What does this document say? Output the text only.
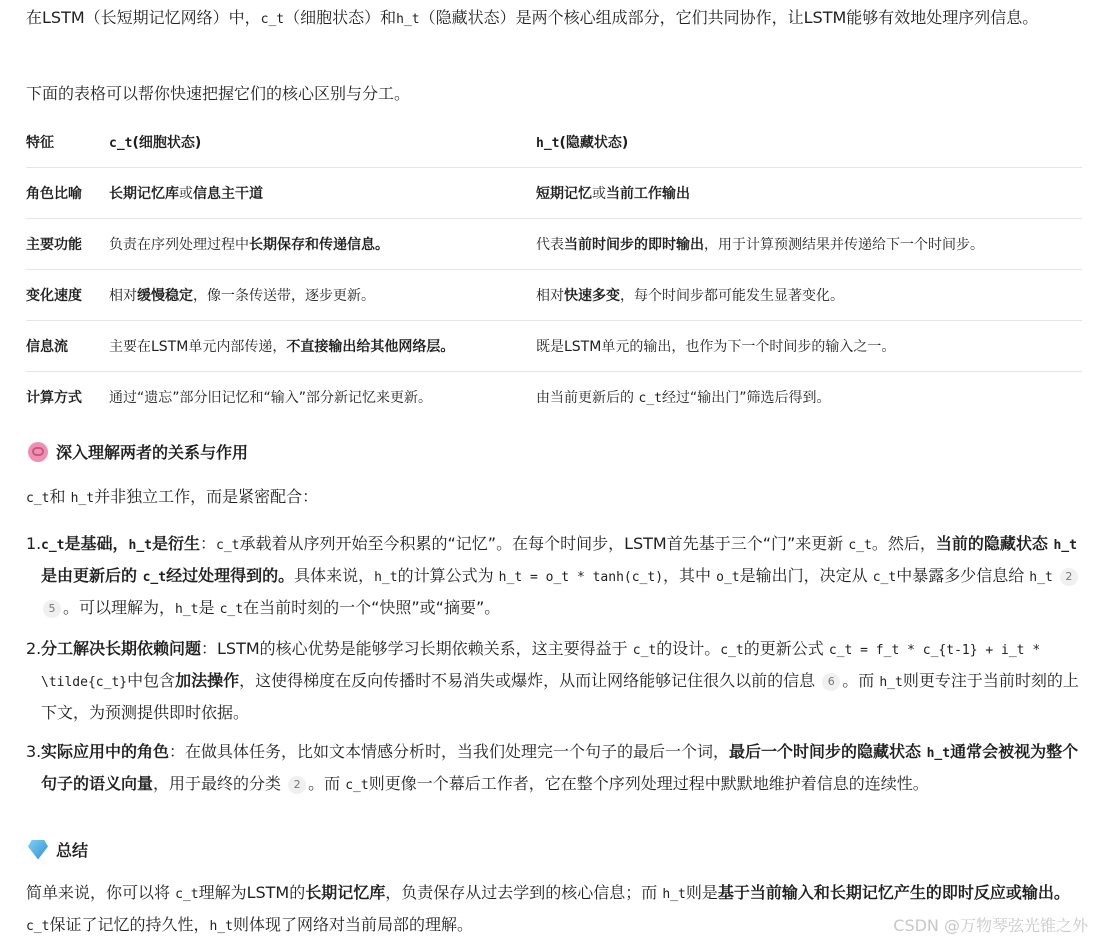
在LSTM（长短期记忆网络）中，c_t（细胞状态）和h_t（隐藏状态）是两个核心组成部分，它们共同协作，让LSTM能够有效地处理序列信息。

下面的表格可以帮你快速把握它们的核心区别与分工。

特征	c_t(细胞状态)	h_t(隐藏状态)
角色比喻	长期记忆库或信息主干道	短期记忆或当前工作输出
主要功能	负责在序列处理过程中长期保存和传递信息。	代表当前时间步的即时输出，用于计算预测结果并传递给下一个时间步。
变化速度	相对缓慢稳定，像一条传送带，逐步更新。	相对快速多变，每个时间步都可能发生显著变化。
信息流	主要在LSTM单元内部传递，不直接输出给其他网络层。	既是LSTM单元的输出，也作为下一个时间步的输入之一。
计算方式	通过“遗忘”部分旧记忆和“输入”部分新记忆来更新。	由当前更新后的 c_t经过“输出门”筛选后得到。
深入理解两者的关系与作用

c_t和 h_t并非独立工作，而是紧密配合：

1. c_t是基础，h_t是衍生：c_t承载着从序列开始至今积累的“记忆”。在每个时间步，LSTM首先基于三个“门”来更新 c_t。然后，当前的隐藏状态 h_t是由更新后的 c_t经过处理得到的。具体来说，h_t的计算公式为 h_t = o_t * tanh(c_t)，其中 o_t是输出门，决定从 c_t中暴露多少信息给 h_t 25 。可以理解为，h_t是 c_t在当前时刻的一个“快照”或“摘要”。
2. 分工解决长期依赖问题：LSTM的核心优势是能够学习长期依赖关系，这主要得益于 c_t的设计。c_t的更新公式 c_t = f_t * c_{t-1} + i_t * \tilde{c_t}中包含加法操作，这使得梯度在反向传播时不易消失或爆炸，从而让网络能够记住很久以前的信息 6 。而 h_t则更专注于当前时刻的上下文，为预测提供即时依据。
3. 实际应用中的角色：在做具体任务，比如文本情感分析时，当我们处理完一个句子的最后一个词，最后一个时间步的隐藏状态 h_t通常会被视为整个句子的语义向量，用于最终的分类 2 。而 c_t则更像一个幕后工作者，它在整个序列处理过程中默默地维护着信息的连续性。
总结

简单来说，你可以将 c_t理解为LSTM的长期记忆库，负责保存从过去学到的核心信息；而 h_t则是基于当前输入和长期记忆产生的即时反应或输出。c_t保证了记忆的持久性，h_t则体现了网络对当前局部的理解。	CSDN @万物琴弦光锥之外
